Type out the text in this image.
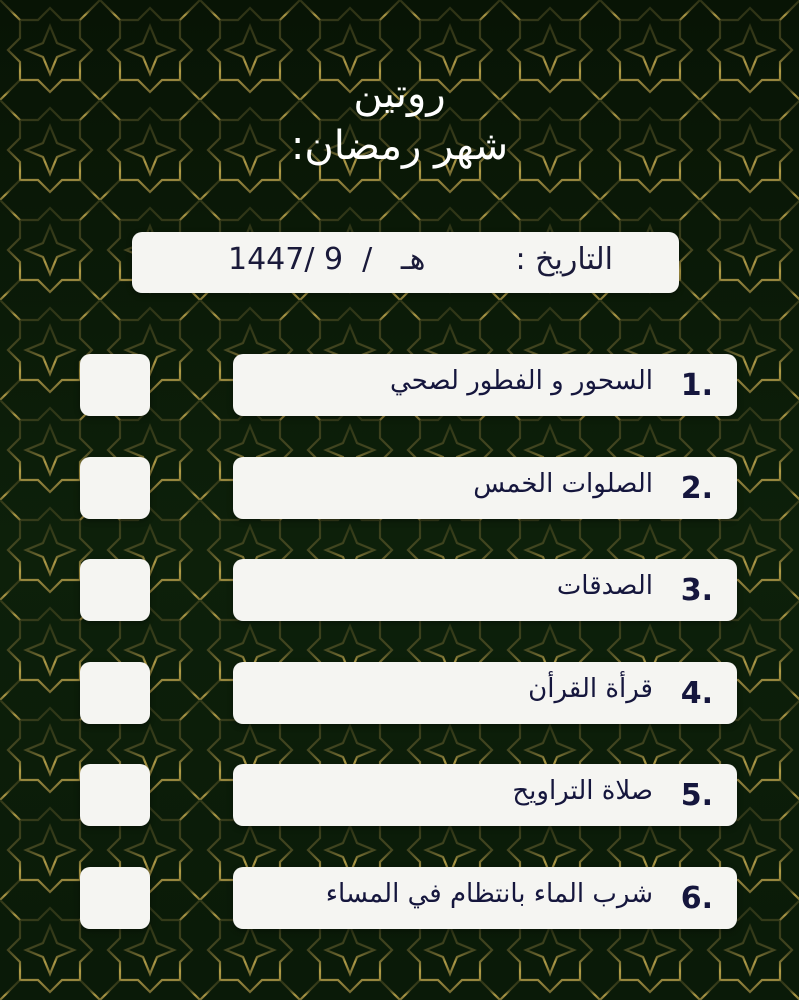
روتين
شهر رمضان:
التاريخ :
1447/ 9  /   هـ
1.
السحور و الفطور لصحي
2.
الصلوات الخمس
3.
الصدقات
4.
قرأة القرأن
5.
صلاة التراويح
6.
شرب الماء بانتظام في المساء
